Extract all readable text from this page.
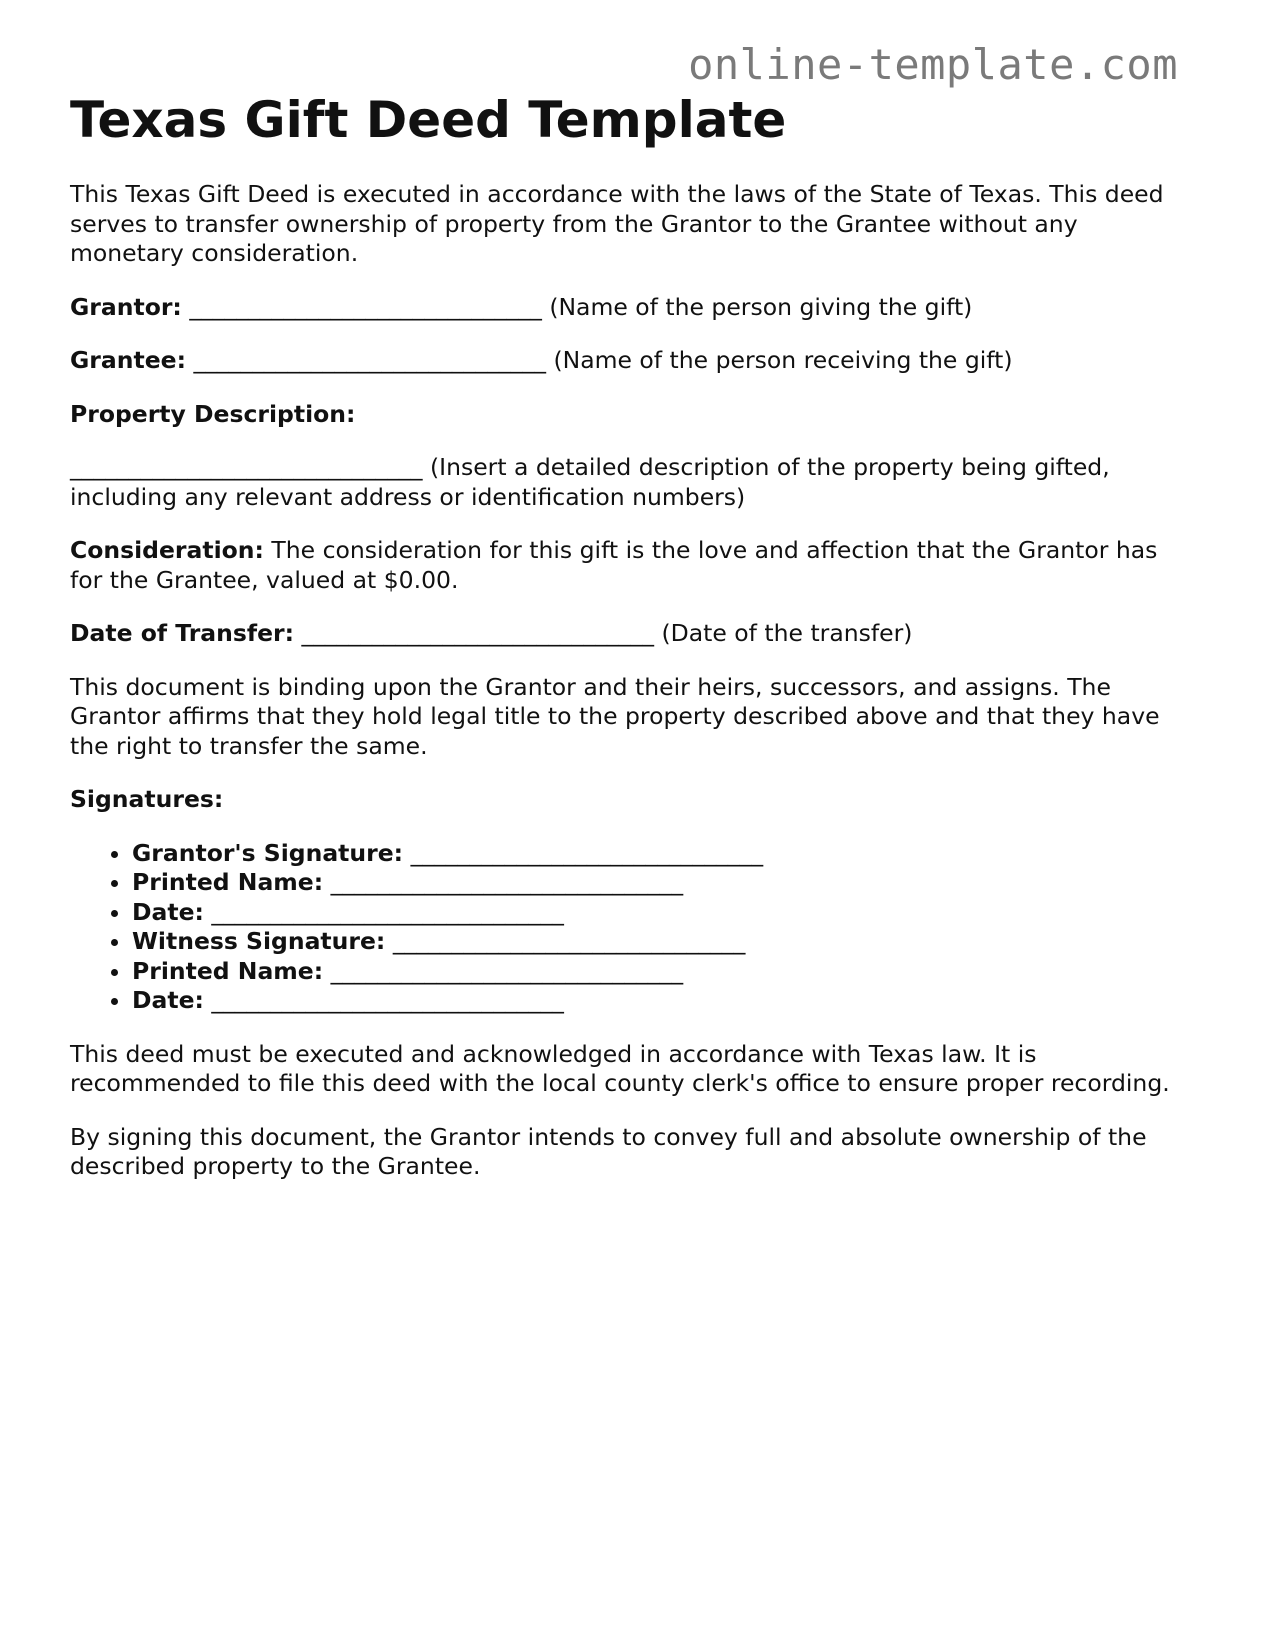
online-template.com
Texas Gift Deed Template

This Texas Gift Deed is executed in accordance with the laws of the State of Texas. This deed serves to transfer ownership of property from the Grantor to the Grantee without any monetary consideration.

Grantor: ______________________________ (Name of the person giving the gift)

Grantee: ______________________________ (Name of the person receiving the gift)

Property Description:

______________________________ (Insert a detailed description of the property being gifted, including any relevant address or identification numbers)

Consideration: The consideration for this gift is the love and affection that the Grantor has for the Grantee, valued at $0.00.

Date of Transfer: ______________________________ (Date of the transfer)

This document is binding upon the Grantor and their heirs, successors, and assigns. The Grantor affirms that they hold legal title to the property described above and that they have the right to transfer the same.

Signatures:

• Grantor's Signature: ______________________________
• Printed Name: ______________________________
• Date: ______________________________
• Witness Signature: ______________________________
• Printed Name: ______________________________
• Date: ______________________________

This deed must be executed and acknowledged in accordance with Texas law. It is recommended to file this deed with the local county clerk's office to ensure proper recording.

By signing this document, the Grantor intends to convey full and absolute ownership of the described property to the Grantee.
